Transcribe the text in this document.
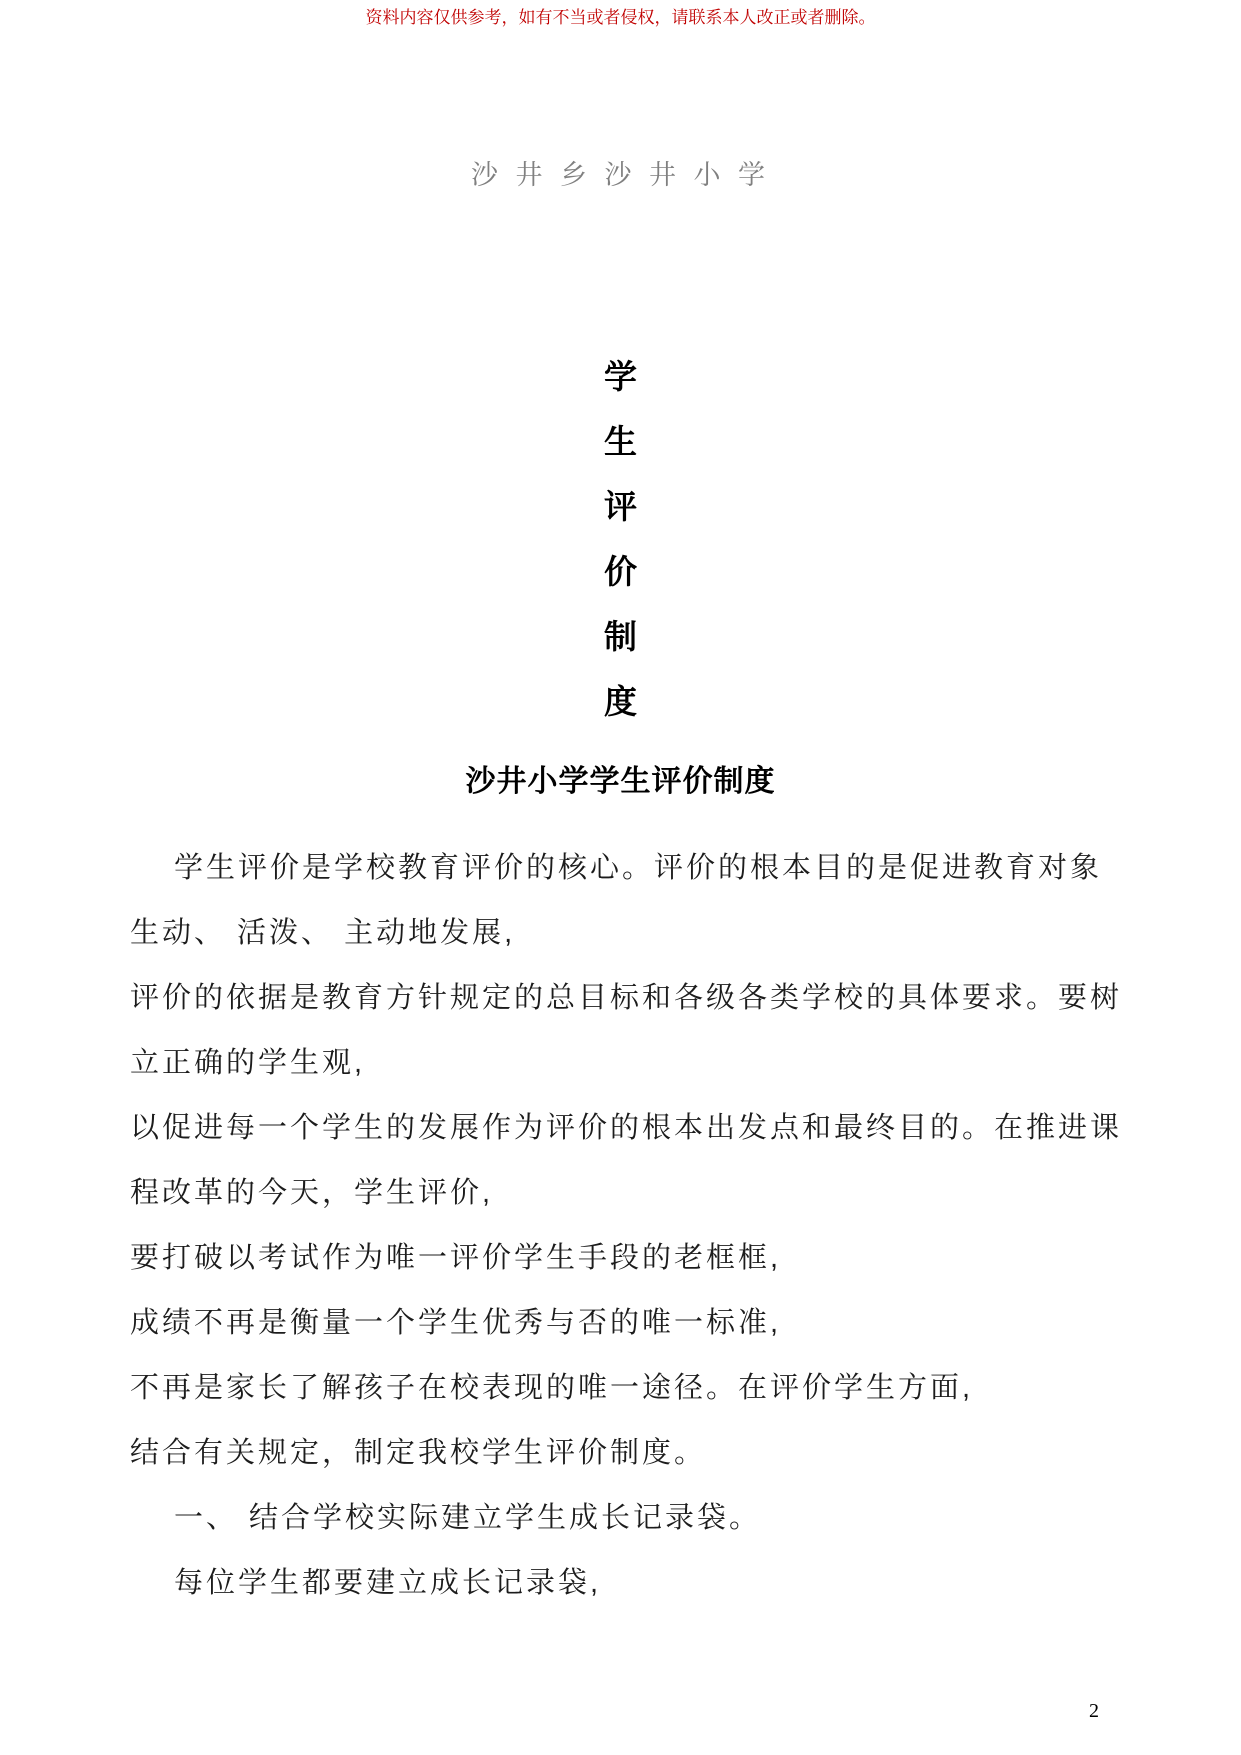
资料内容仅供参考，如有不当或者侵权，请联系本人改正或者删除。
沙 井 乡 沙 井 小 学
学
生
评
价
制
度
沙井小学学生评价制度
学生评价是学校教育评价的核心。评价的根本目的是促进教育对象
生动、 活泼、 主动地发展,
评价的依据是教育方针规定的总目标和各级各类学校的具体要求。要树
立正确的学生观,
以促进每一个学生的发展作为评价的根本出发点和最终目的。在推进课
程改革的今天，学生评价,
要打破以考试作为唯一评价学生手段的老框框,
成绩不再是衡量一个学生优秀与否的唯一标准,
不再是家长了解孩子在校表现的唯一途径。在评价学生方面,
结合有关规定，制定我校学生评价制度。
一、 结合学校实际建立学生成长记录袋。
每位学生都要建立成长记录袋,
2
